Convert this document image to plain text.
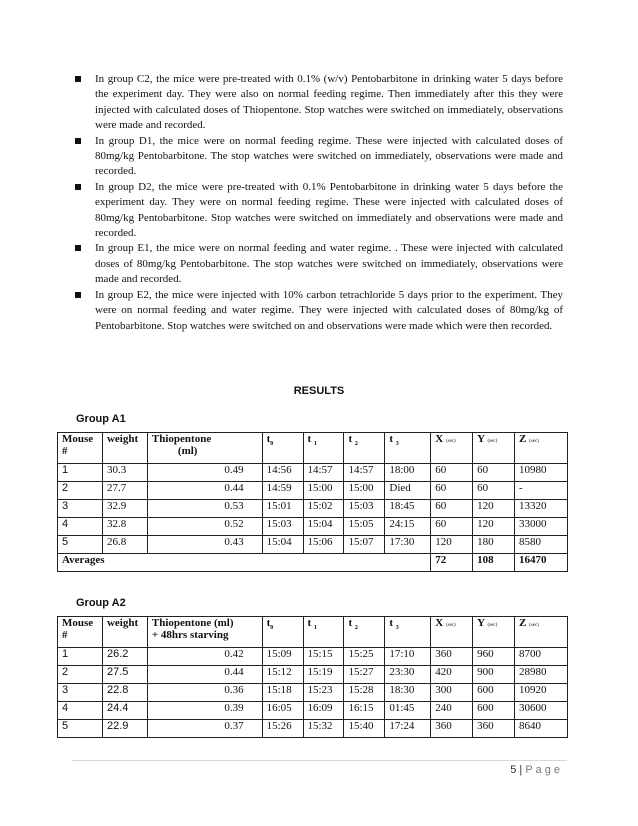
In group C2, the mice were pre-treated with 0.1% (w/v) Pentobarbitone in drinking water 5 days before the experiment day. They were also on normal feeding regime. Then immediately after this they were injected with calculated doses of Thiopentone. Stop watches were switched on immediately, observations were made and recorded.
In group D1, the mice were on normal feeding regime. These were injected with calculated doses of 80mg/kg Pentobarbitone. The stop watches were switched on immediately, observations were made and recorded.
In group D2, the mice were pre-treated with 0.1% Pentobarbitone in drinking water 5 days before the experiment day. They were on normal feeding regime. These were injected with calculated doses of 80mg/kg Pentobarbitone. Stop watches were switched on immediately and observations were made and recorded.
In group E1, the mice were on normal feeding and water regime. . These were injected with calculated doses of 80mg/kg Pentobarbitone. The stop watches were switched on immediately, observations were made and recorded.
In group E2, the mice were injected with 10% carbon tetrachloride 5 days prior to the experiment. They were on normal feeding and water regime. They were injected with calculated doses of 80mg/kg of Pentobarbitone. Stop watches were switched on and observations were made which were then recorded.
RESULTS
Group A1
Mouse
#	weight	Thiopentone
(ml)	$t_0$	t $_1$	t $_2$	t $_3$	X (sec)	Y (sec)	Z (sec)
1	30.3	0.49	14:56	14:57	14:57	18:00	60	60	10980
2	27.7	0.44	14:59	15:00	15:00	Died	60	60	-
3	32.9	0.53	15:01	15:02	15:03	18:45	60	120	13320
4	32.8	0.52	15:03	15:04	15:05	24:15	60	120	33000
5	26.8	0.43	15:04	15:06	15:07	17:30	120	180	8580
Averages							72	108	16470
Group A2
Mouse
#	weight	Thiopentone (ml)
+ 48hrs starving	$t_0$	t $_1$	t $_2$	t $_3$	X (sec)	Y (sec)	Z (sec)
1	26.2	0.42	15:09	15:15	15:25	17:10	360	960	8700
2	27.5	0.44	15:12	15:19	15:27	23:30	420	900	28980
3	22.8	0.36	15:18	15:23	15:28	18:30	300	600	10920
4	24.4	0.39	16:05	16:09	16:15	01:45	240	600	30600
5	22.9	0.37	15:26	15:32	15:40	17:24	360	360	8640
5 | P a g e
